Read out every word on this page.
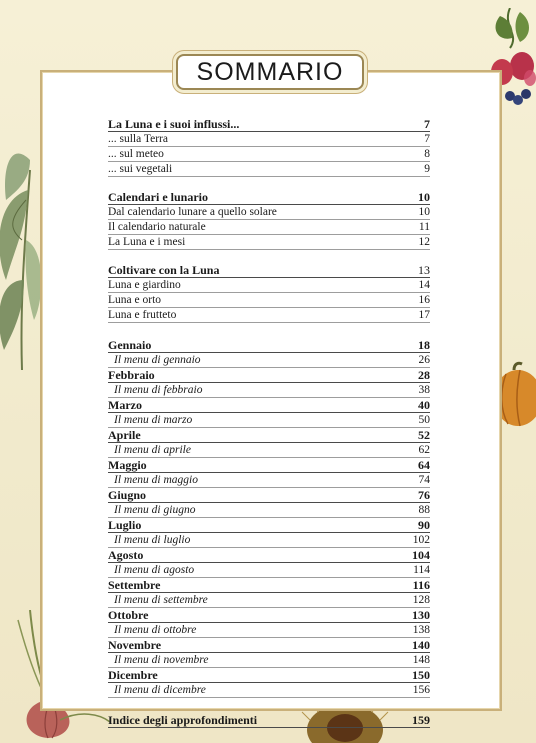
SOMMARIO
La Luna e i suoi influssi...	7
... sulla Terra	7
... sul meteo	8
... sui vegetali	9
Calendari e lunario	10
Dal calendario lunare a quello solare	10
Il calendario naturale	11
La Luna e i mesi	12
Coltivare con la Luna	13
Luna e giardino	14
Luna e orto	16
Luna e frutteto	17
Gennaio	18
Il menu di gennaio	26
Febbraio	28
Il menu di febbraio	38
Marzo	40
Il menu di marzo	50
Aprile	52
Il menu di aprile	62
Maggio	64
Il menu di maggio	74
Giugno	76
Il menu di giugno	88
Luglio	90
Il menu di luglio	102
Agosto	104
Il menu di agosto	114
Settembre	116
Il menu di settembre	128
Ottobre	130
Il menu di ottobre	138
Novembre	140
Il menu di novembre	148
Dicembre	150
Il menu di dicembre	156
Indice degli approfondimenti	159
